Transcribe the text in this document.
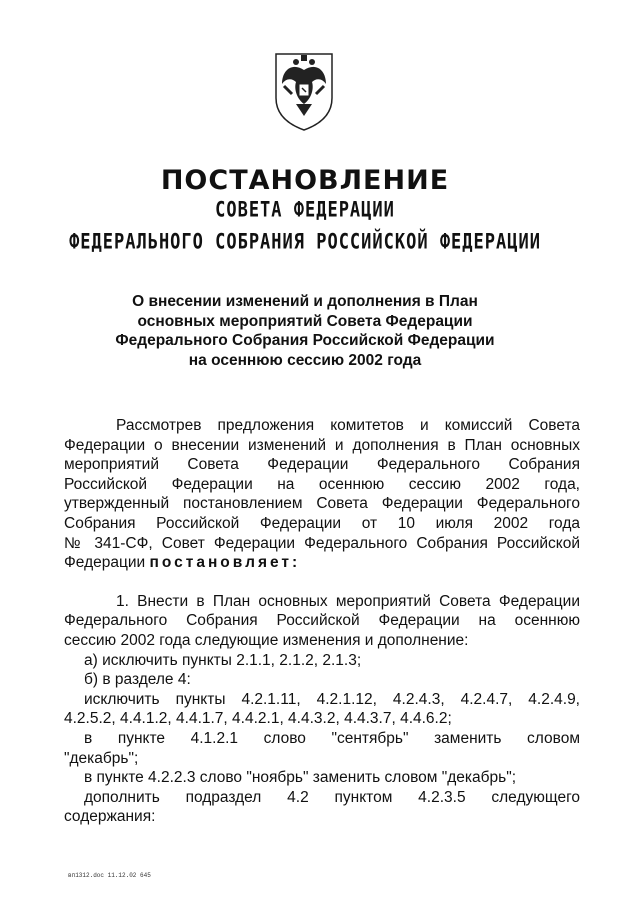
ПОСТАНОВЛЕНИЕ
СОВЕТА ФЕДЕРАЦИИ
ФЕДЕРАЛЬНОГО СОБРАНИЯ РОССИЙСКОЙ ФЕДЕРАЦИИ
О внесении изменений и дополнения в План
основных мероприятий Совета Федерации
Федерального Собрания Российской Федерации
на осеннюю сессию 2002 года
Рассмотрев предложения комитетов и комиссий Совета
Федерации о внесении изменений и дополнения в План основных
мероприятий Совета Федерации Федерального Собрания
Российской Федерации на осеннюю сессию 2002 года,
утвержденный постановлением Совета Федерации Федерального
Собрания Российской Федерации от 10 июля 2002 года
№ 341-СФ, Совет Федерации Федерального Собрания Российской
Федерации постановляет:
1. Внести в План основных мероприятий Совета Федерации
Федерального Собрания Российской Федерации на осеннюю
сессию 2002 года следующие изменения и дополнение:
а) исключить пункты 2.1.1, 2.1.2, 2.1.3;
б) в разделе 4:
исключить пункты 4.2.1.11, 4.2.1.12, 4.2.4.3, 4.2.4.7, 4.2.4.9,
4.2.5.2, 4.4.1.2, 4.4.1.7, 4.4.2.1, 4.4.3.2, 4.4.3.7, 4.4.6.2;
в пункте 4.1.2.1 слово "сентябрь" заменить словом
"декабрь";
в пункте 4.2.2.3 слово "ноябрь" заменить словом "декабрь";
дополнить подраздел 4.2 пунктом 4.2.3.5 следующего
содержания:
вп1312.doc 11.12.02 645
